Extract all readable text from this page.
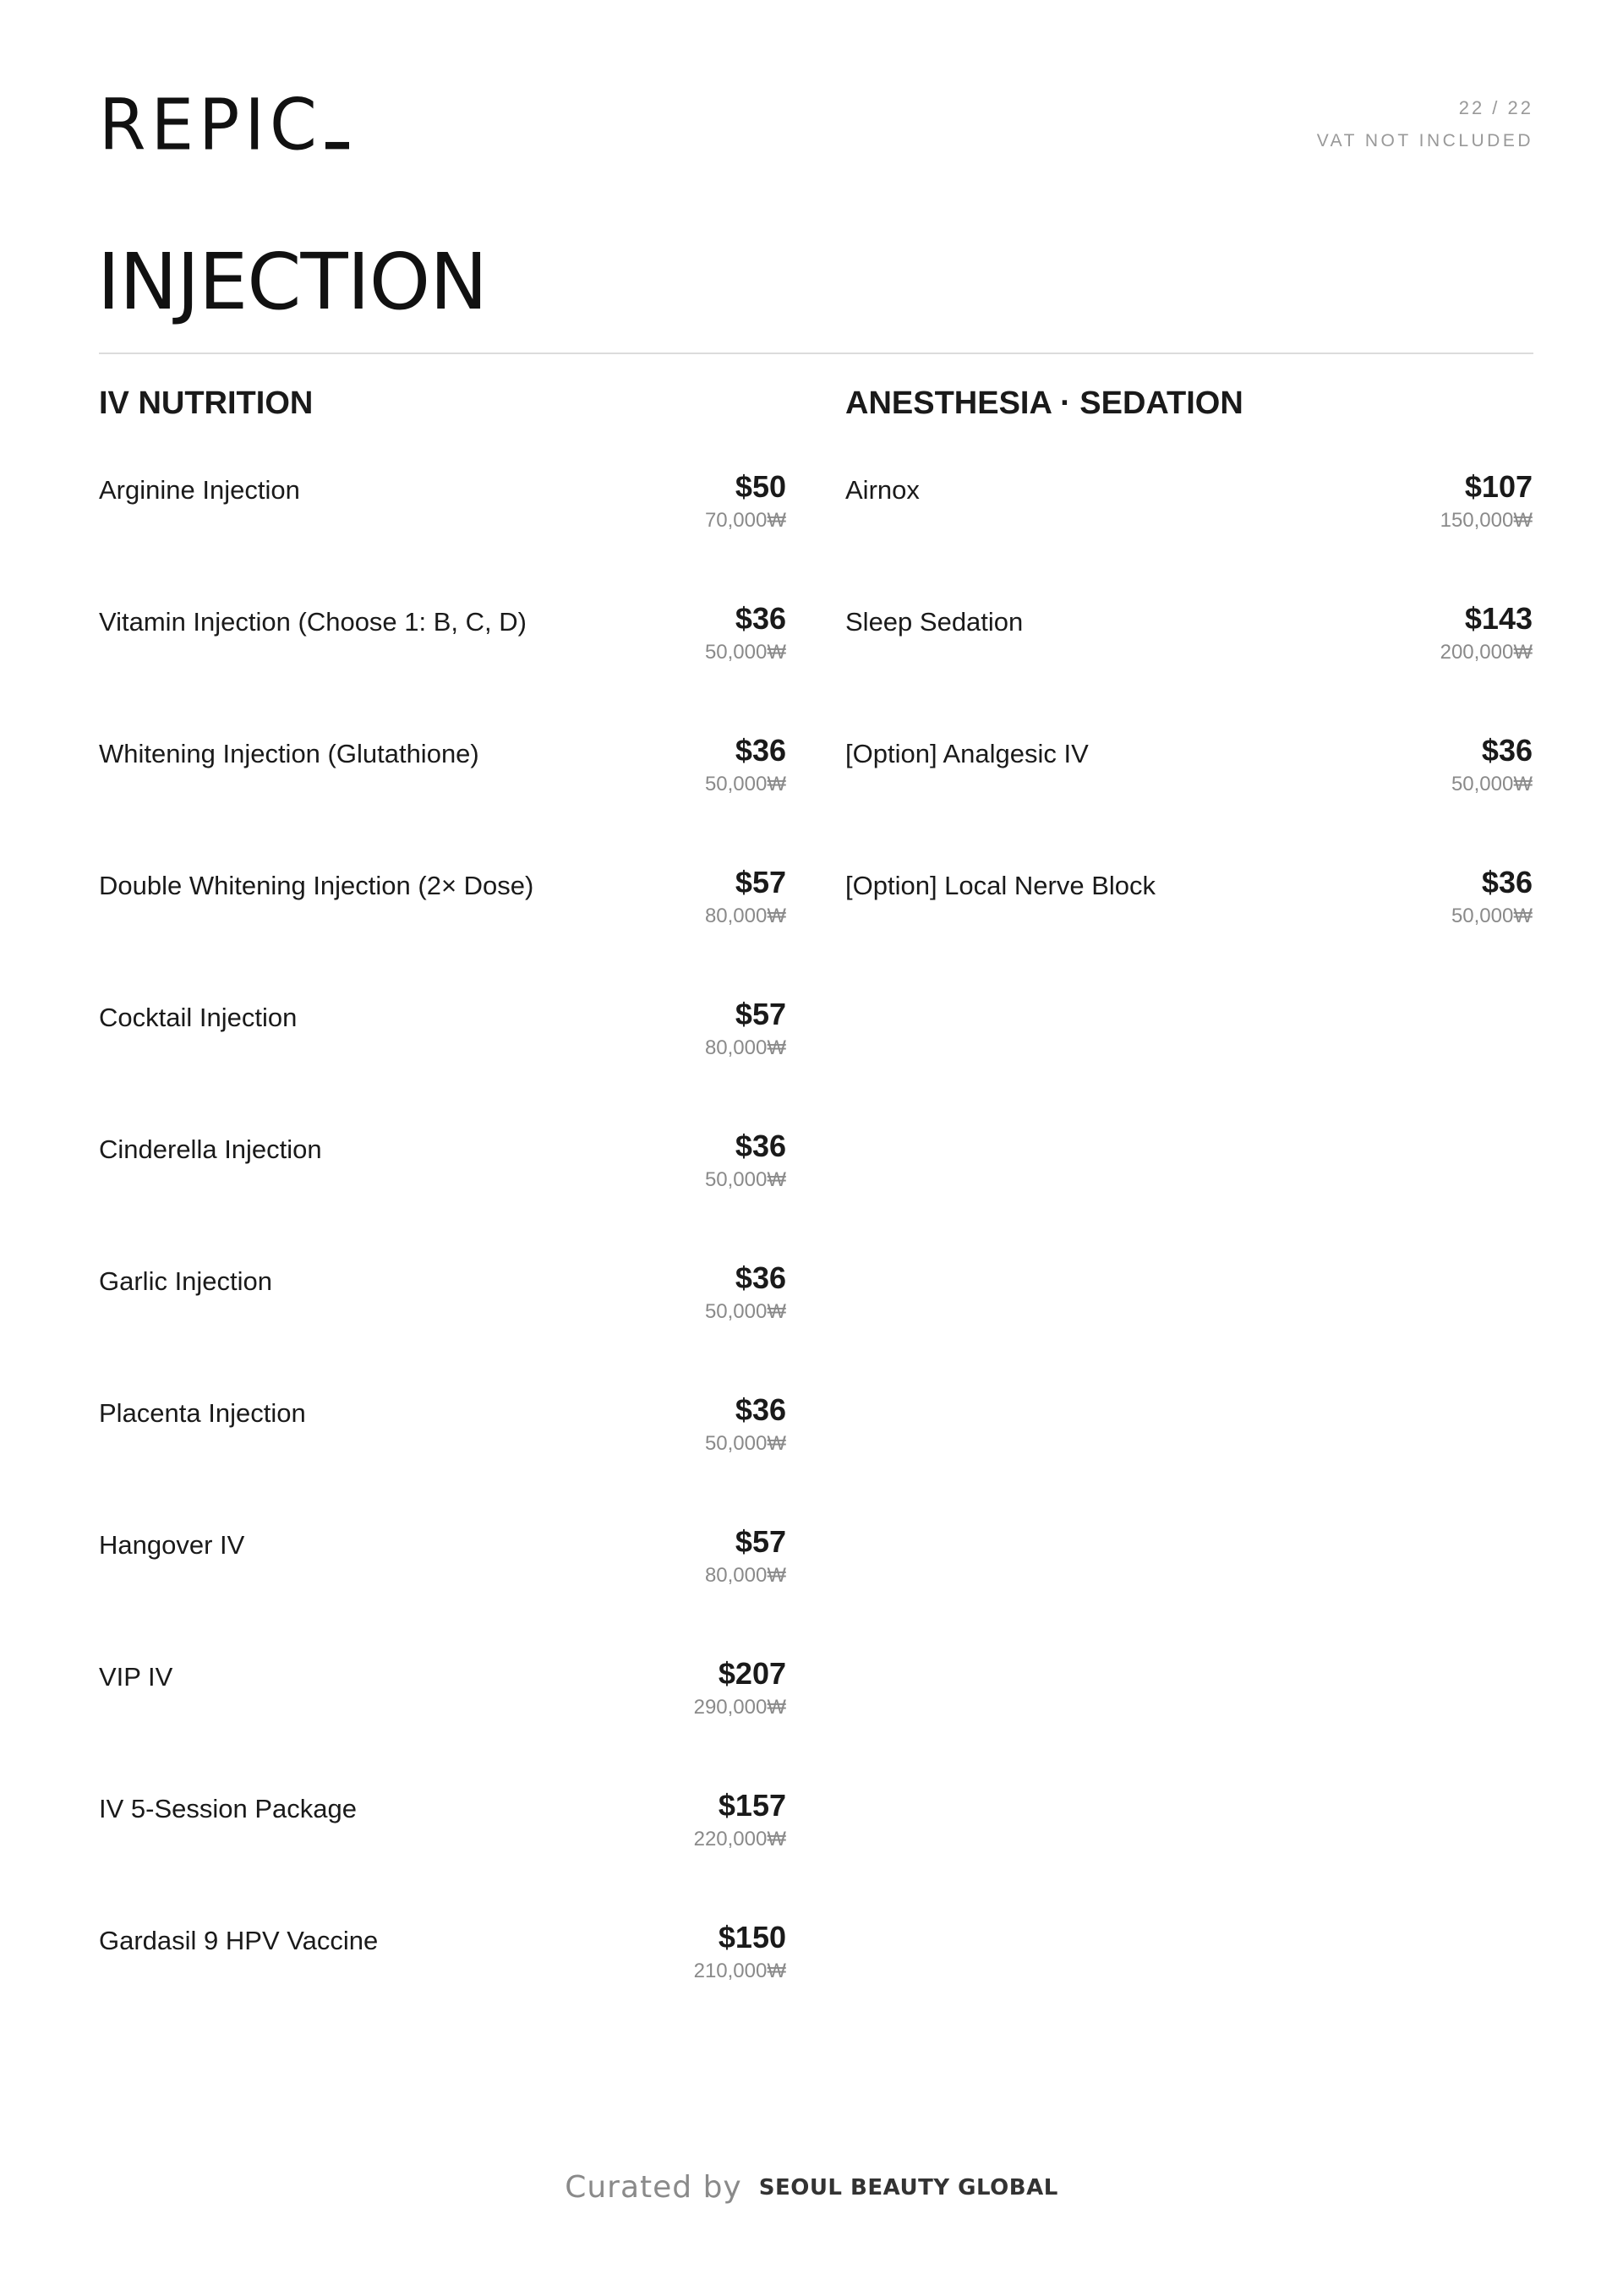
REPIC	22 / 22
VAT NOT INCLUDED
INJECTION
IV NUTRITION
Arginine Injection	$50
70,000₩
Vitamin Injection (Choose 1: B, C, D)	$36
50,000₩
Whitening Injection (Glutathione)	$36
50,000₩
Double Whitening Injection (2× Dose)	$57
80,000₩
Cocktail Injection	$57
80,000₩
Cinderella Injection	$36
50,000₩
Garlic Injection	$36
50,000₩
Placenta Injection	$36
50,000₩
Hangover IV	$57
80,000₩
VIP IV	$207
290,000₩
IV 5-Session Package	$157
220,000₩
Gardasil 9 HPV Vaccine	$150
210,000₩
ANESTHESIA · SEDATION
Airnox	$107
150,000₩
Sleep Sedation	$143
200,000₩
[Option] Analgesic IV	$36
50,000₩
[Option] Local Nerve Block	$36
50,000₩
Curated by SEOUL BEAUTY GLOBAL
